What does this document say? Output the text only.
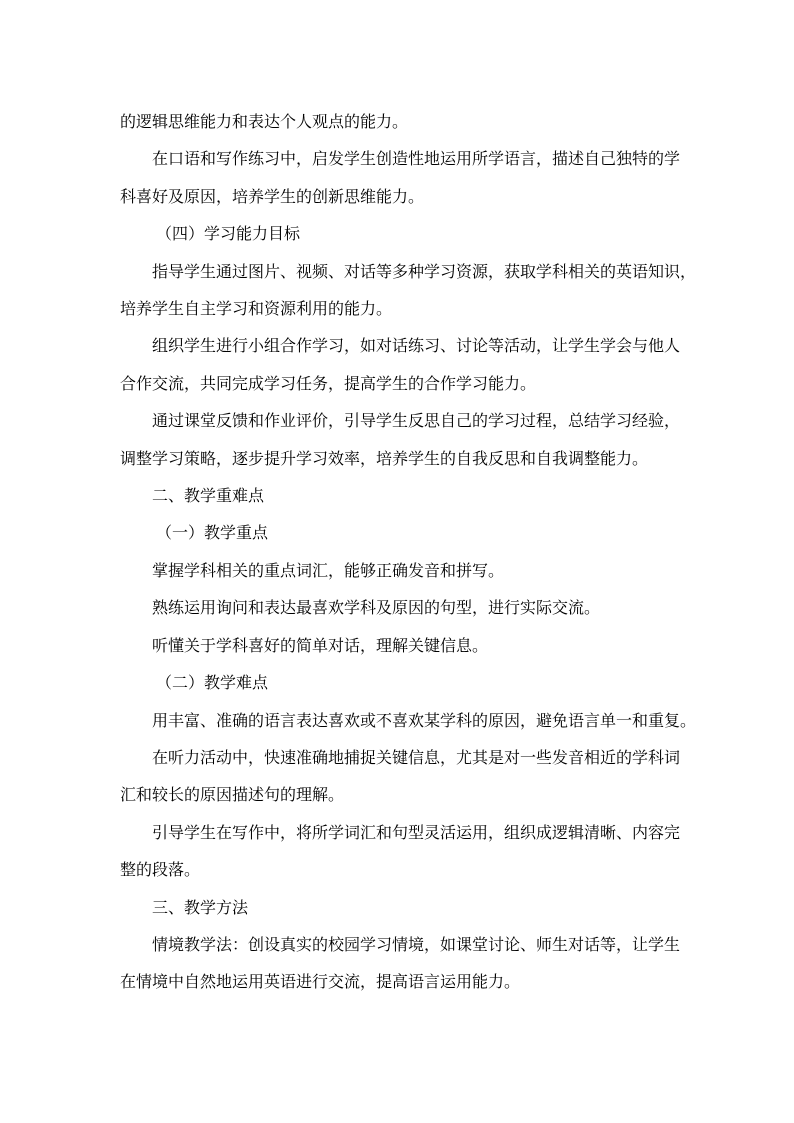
的逻辑思维能力和表达个人观点的能力。

在口语和写作练习中，启发学生创造性地运用所学语言，描述自己独特的学
科喜好及原因，培养学生的创新思维能力。

（四）学习能力目标

指导学生通过图片、视频、对话等多种学习资源，获取学科相关的英语知识，
培养学生自主学习和资源利用的能力。

组织学生进行小组合作学习，如对话练习、讨论等活动，让学生学会与他人
合作交流，共同完成学习任务，提高学生的合作学习能力。

通过课堂反馈和作业评价，引导学生反思自己的学习过程，总结学习经验，
调整学习策略，逐步提升学习效率，培养学生的自我反思和自我调整能力。

二、教学重难点

（一）教学重点

掌握学科相关的重点词汇，能够正确发音和拼写。

熟练运用询问和表达最喜欢学科及原因的句型，进行实际交流。

听懂关于学科喜好的简单对话，理解关键信息。

（二）教学难点

用丰富、准确的语言表达喜欢或不喜欢某学科的原因，避免语言单一和重复。

在听力活动中，快速准确地捕捉关键信息，尤其是对一些发音相近的学科词
汇和较长的原因描述句的理解。

引导学生在写作中，将所学词汇和句型灵活运用，组织成逻辑清晰、内容完
整的段落。

三、教学方法

情境教学法：创设真实的校园学习情境，如课堂讨论、师生对话等，让学生
在情境中自然地运用英语进行交流，提高语言运用能力。
